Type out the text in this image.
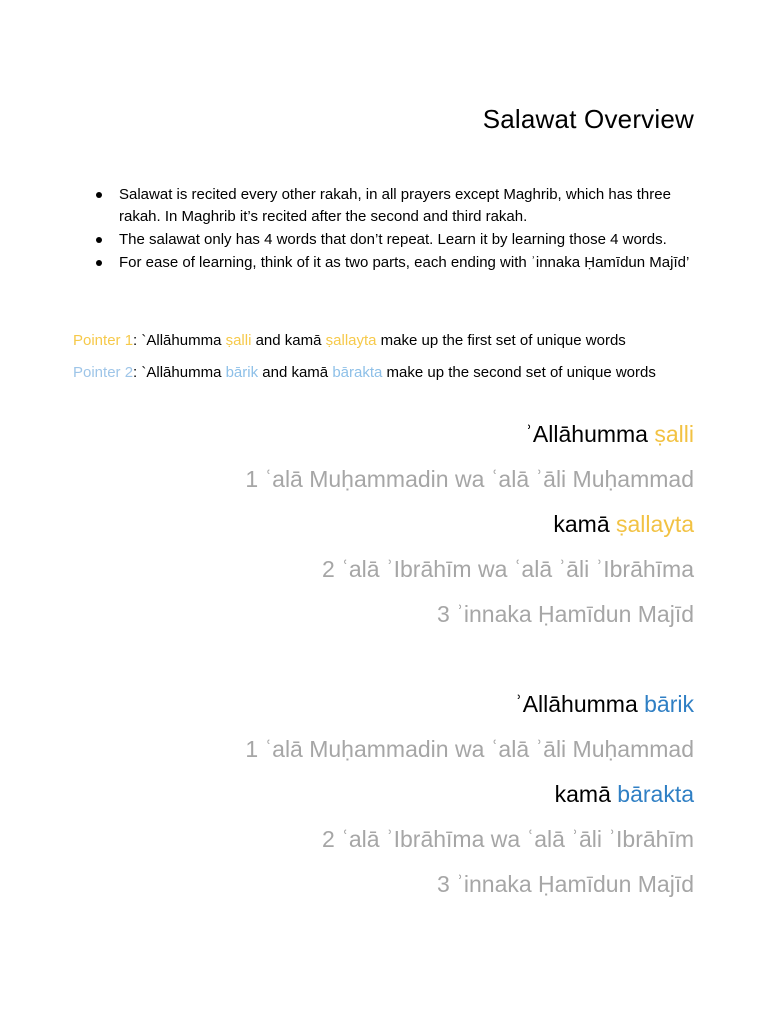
Salawat Overview
Salawat is recited every other rakah, in all prayers except Maghrib, which has three rakah. In Maghrib it’s recited after the second and third rakah.
The salawat only has 4 words that don’t repeat. Learn it by learning those 4 words.
For ease of learning, think of it as two parts, each ending with ʾinnaka Ḥamīdun Majīd’

Pointer 1: `Allāhumma ṣalli and kamā ṣallayta make up the first set of unique words

Pointer 2: `Allāhumma bārik and kamā bārakta make up the second set of unique words

ʾAllāhumma ṣalli

1 ʿalā Muḥammadin wa ʿalā ʾāli Muḥammad

kamā ṣallayta

2 ʿalā ʾIbrāhīm wa ʿalā ʾāli ʾIbrāhīma

3 ʾinnaka Ḥamīdun Majīd

ʾAllāhumma bārik

1 ʿalā Muḥammadin wa ʿalā ʾāli Muḥammad

kamā bārakta

2 ʿalā ʾIbrāhīma wa ʿalā ʾāli ʾIbrāhīm

3 ʾinnaka Ḥamīdun Majīd
